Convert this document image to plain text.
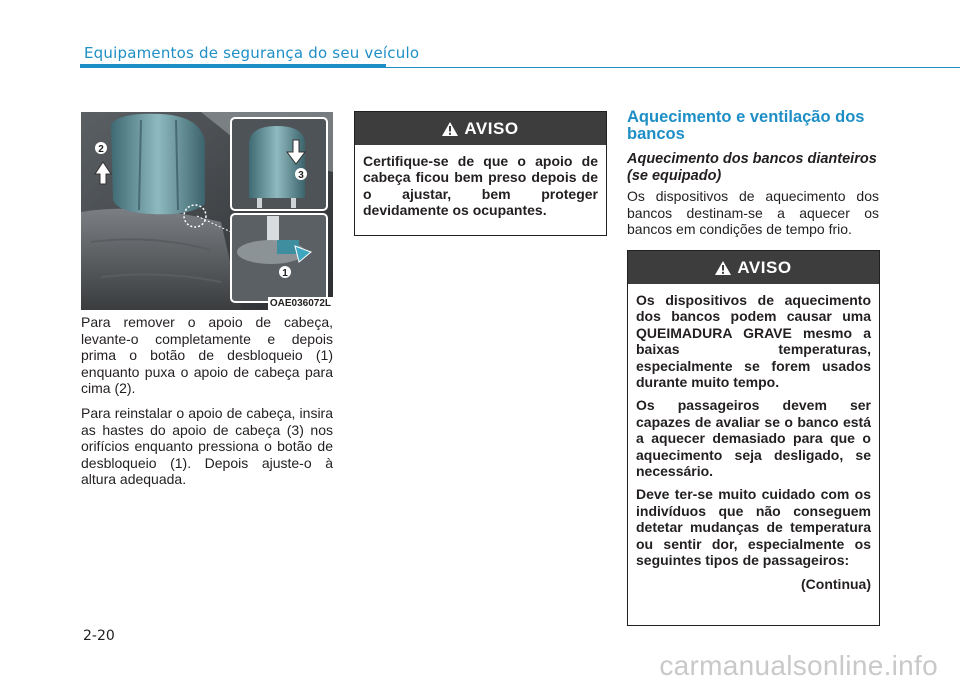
Equipamentos de segurança do seu veículo
2
3
1
OAE036072L
Para remover o apoio de cabeça, levante-o completamente e depois prima o botão de desbloqueio (1) enquanto puxa o apoio de cabeça para cima (2).
Para reinstalar o apoio de cabeça, insira as hastes do apoio de cabeça (3) nos orifícios enquanto pressiona o botão de desbloqueio (1). Depois ajuste-o à altura adequada.
AVISO
Certifique-se de que o apoio de cabeça ficou bem preso depois de o ajustar, bem proteger devidamente os ocupantes.
Aquecimento e ventilação dos bancos
Aquecimento dos bancos dianteiros (se equipado)
Os dispositivos de aquecimento dos bancos destinam-se a aquecer os bancos em condições de tempo frio.
AVISO

Os dispositivos de aquecimento dos bancos podem causar uma QUEIMADURA GRAVE mesmo a baixas temperaturas, especialmente se forem usados durante muito tempo.

Os passageiros devem ser capazes de avaliar se o banco está a aquecer demasiado para que o aquecimento seja desligado, se necessário.

Deve ter-se muito cuidado com os indivíduos que não conseguem detetar mudanças de temperatura ou sentir dor, especialmente os seguintes tipos de passageiros:

(Continua)

2-20
carmanualsonline.info
